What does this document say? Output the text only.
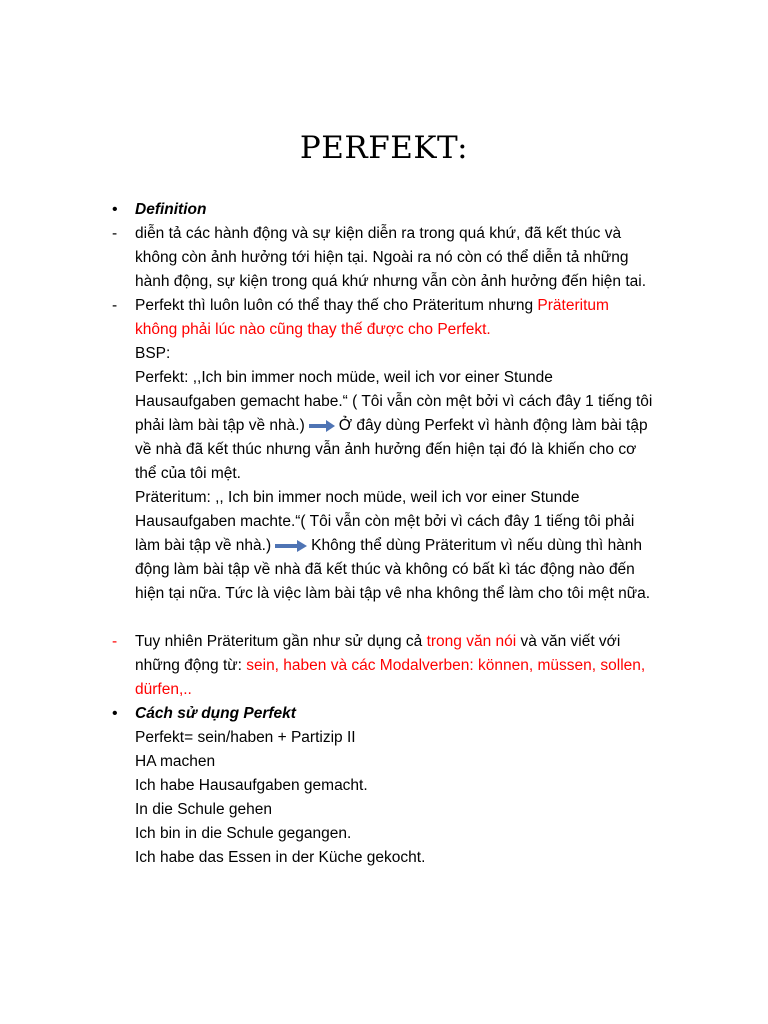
PERFEKT:
•	Definition
-	diễn tả các hành động và sự kiện diễn ra trong quá khứ, đã kết thúc và
không còn ảnh hưởng tới hiện tại. Ngoài ra nó còn có thể diễn tả những
hành động, sự kiện trong quá khứ nhưng vẫn còn ảnh hưởng đến hiện tai.
-	Perfekt thì luôn luôn có thể thay thế cho Präteritum nhưng Präteritum
không phải lúc nào cũng thay thế được cho Perfekt.
BSP:
Perfekt: ,,Ich bin immer noch müde, weil ich vor einer Stunde
Hausaufgaben gemacht habe.“ ( Tôi vẫn còn mệt bởi vì cách đây 1 tiếng tôi
phải làm bài tập về nhà.) Ở đây dùng Perfekt vì hành động làm bài tập
về nhà đã kết thúc nhưng vẫn ảnh hưởng đến hiện tại đó là khiến cho cơ
thể của tôi mệt.
Präteritum: ,, Ich bin immer noch müde, weil ich vor einer Stunde
Hausaufgaben machte.“( Tôi vẫn còn mệt bởi vì cách đây 1 tiếng tôi phải
làm bài tập về nhà.)	Không thể dùng Präteritum vì nếu dùng thì hành
động làm bài tập về nhà đã kết thúc và không có bất kì tác động nào đến
hiện tại nữa. Tức là việc làm bài tập vê nha không thể làm cho tôi mệt nữa.
-	Tuy nhiên Präteritum gần như sử dụng cả trong văn nói và văn viết với
những động từ: sein, haben và các Modalverben: können, müssen, sollen,
dürfen,..
•	Cách sử dụng Perfekt
Perfekt= sein/haben + Partizip II
HA machen
Ich habe Hausaufgaben gemacht.
In die Schule gehen
Ich bin in die Schule gegangen.
Ich habe das Essen in der Küche gekocht.
